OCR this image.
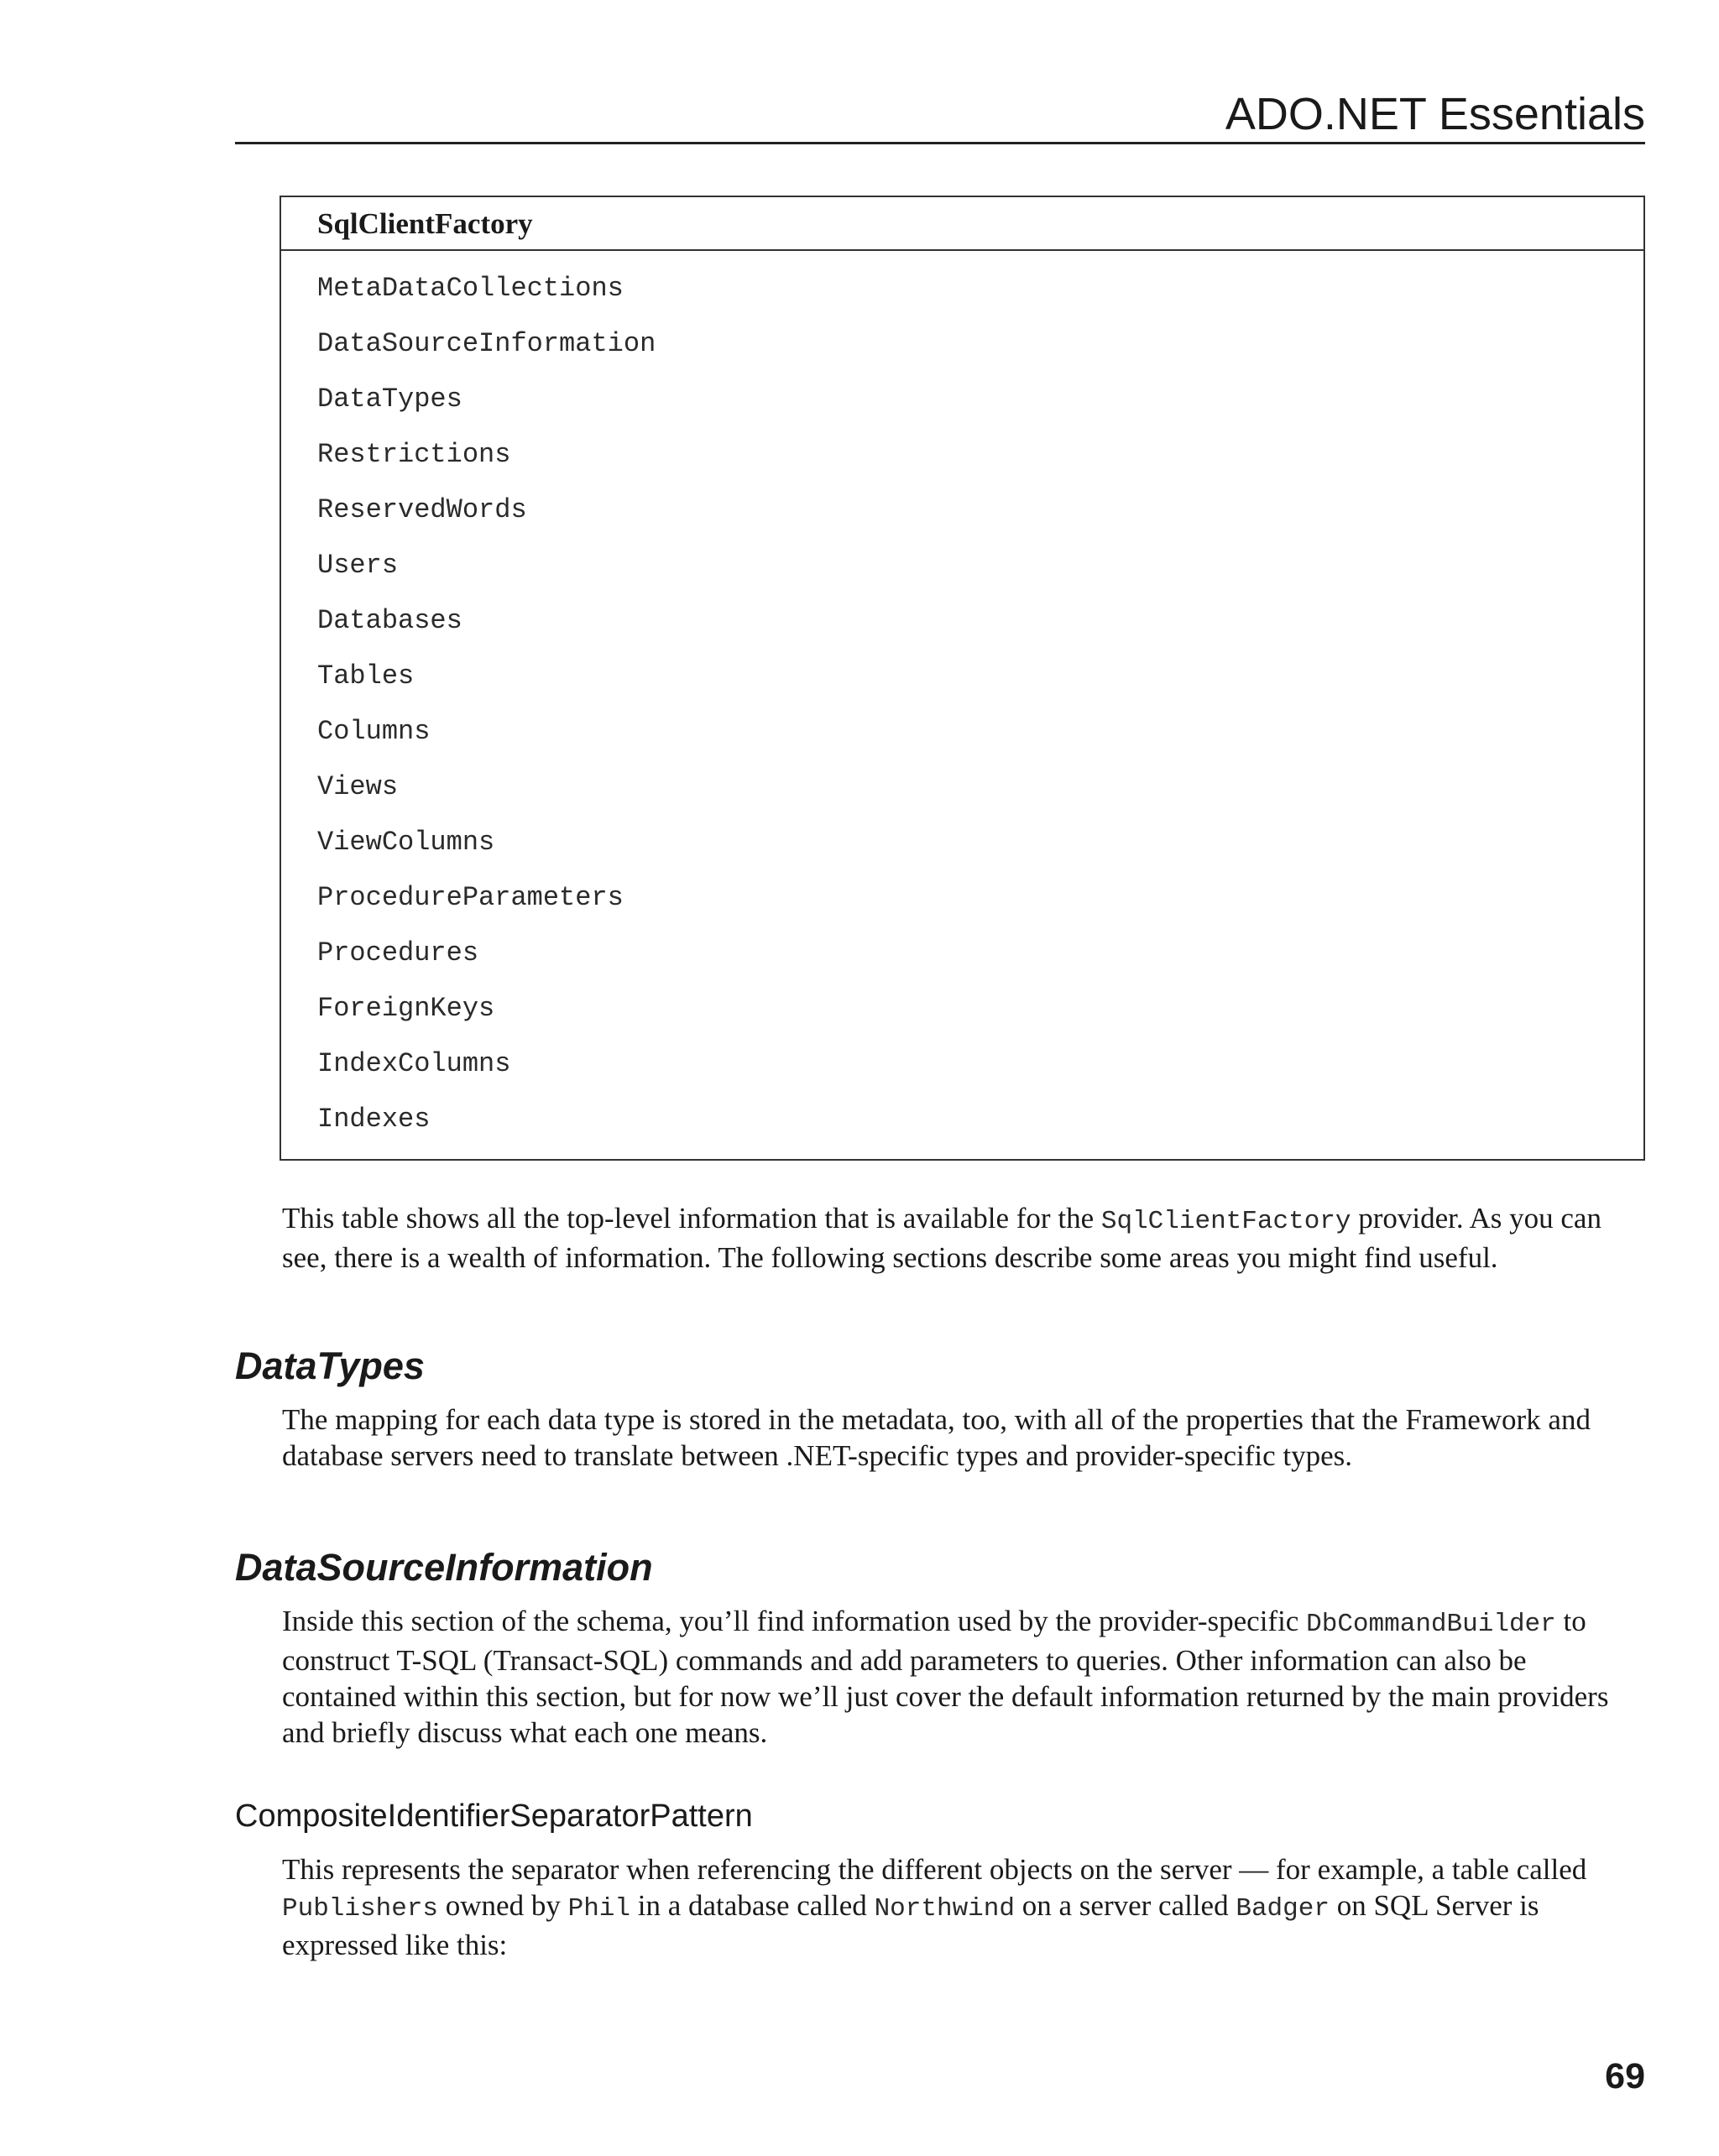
ADO.NET Essentials
SqlClientFactory
MetaDataCollections
DataSourceInformation
DataTypes
Restrictions
ReservedWords
Users
Databases
Tables
Columns
Views
ViewColumns
ProcedureParameters
Procedures
ForeignKeys
IndexColumns
Indexes

This table shows all the top-level information that is available for the SqlClientFactory provider. As you can see, there is a wealth of information. The following sections describe some areas you might find useful.

DataTypes

The mapping for each data type is stored in the metadata, too, with all of the properties that the Framework and database servers need to translate between .NET-specific types and provider-specific types.

DataSourceInformation

Inside this section of the schema, you’ll find information used by the provider-specific DbCommandBuilder to construct T-SQL (Transact-SQL) commands and add parameters to queries. Other information can also be contained within this section, but for now we’ll just cover the default information returned by the main providers and briefly discuss what each one means.

CompositeIdentifierSeparatorPattern

This represents the separator when referencing the different objects on the server — for example, a table called Publishers owned by Phil in a database called Northwind on a server called Badger on SQL Server is expressed like this:

69
